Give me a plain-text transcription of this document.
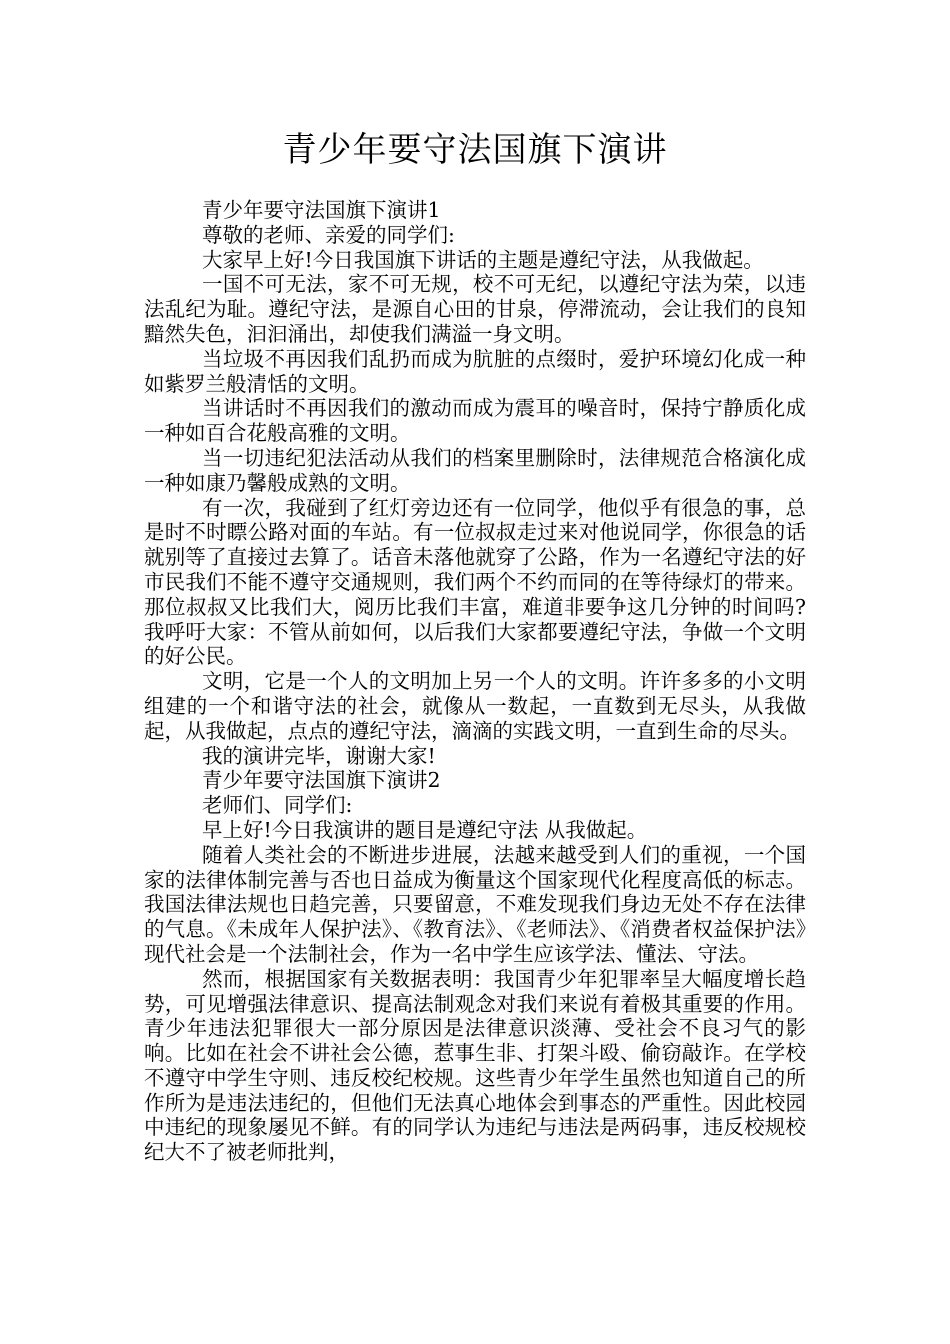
青少年要守法国旗下演讲

青少年要守法国旗下演讲1

尊敬的老师、亲爱的同学们:

大家早上好!今日我国旗下讲话的主题是遵纪守法，从我做起。

一国不可无法，家不可无规，校不可无纪，以遵纪守法为荣，以违法乱纪为耻。遵纪守法，是源自心田的甘泉，停滞流动，会让我们的良知黯然失色，汩汩涌出，却使我们满溢一身文明。

当垃圾不再因我们乱扔而成为肮脏的点缀时，爱护环境幻化成一种如紫罗兰般清恬的文明。

当讲话时不再因我们的激动而成为震耳的噪音时，保持宁静质化成一种如百合花般高雅的文明。

当一切违纪犯法活动从我们的档案里删除时，法律规范合格演化成一种如康乃馨般成熟的文明。

有一次，我碰到了红灯旁边还有一位同学，他似乎有很急的事，总是时不时瞟公路对面的车站。有一位叔叔走过来对他说同学，你很急的话就别等了直接过去算了。话音未落他就穿了公路，作为一名遵纪守法的好市民我们不能不遵守交通规则，我们两个不约而同的在等待绿灯的带来。那位叔叔又比我们大，阅历比我们丰富，难道非要争这几分钟的时间吗?我呼吁大家：不管从前如何，以后我们大家都要遵纪守法，争做一个文明的好公民。

文明，它是一个人的文明加上另一个人的文明。许许多多的小文明组建的一个和谐守法的社会，就像从一数起，一直数到无尽头，从我做起，从我做起，点点的遵纪守法，滴滴的实践文明，一直到生命的尽头。

我的演讲完毕，谢谢大家!

青少年要守法国旗下演讲2

老师们、同学们:

早上好!今日我演讲的题目是遵纪守法 从我做起。

随着人类社会的不断进步进展，法越来越受到人们的重视，一个国家的法律体制完善与否也日益成为衡量这个国家现代化程度高低的标志。我国法律法规也日趋完善，只要留意，不难发现我们身边无处不存在法律的气息。《未成年人保护法》、《教育法》、《老师法》、《消费者权益保护法》现代社会是一个法制社会，作为一名中学生应该学法、懂法、守法。

然而，根据国家有关数据表明：我国青少年犯罪率呈大幅度增长趋势，可见增强法律意识、提高法制观念对我们来说有着极其重要的作用。青少年违法犯罪很大一部分原因是法律意识淡薄、受社会不良习气的影响。比如在社会不讲社会公德，惹事生非、打架斗殴、偷窃敲诈。在学校不遵守中学生守则、违反校纪校规。这些青少年学生虽然也知道自己的所作所为是违法违纪的，但他们无法真心地体会到事态的严重性。因此校园中违纪的现象屡见不鲜。有的同学认为违纪与违法是两码事，违反校规校纪大不了被老师批判，
